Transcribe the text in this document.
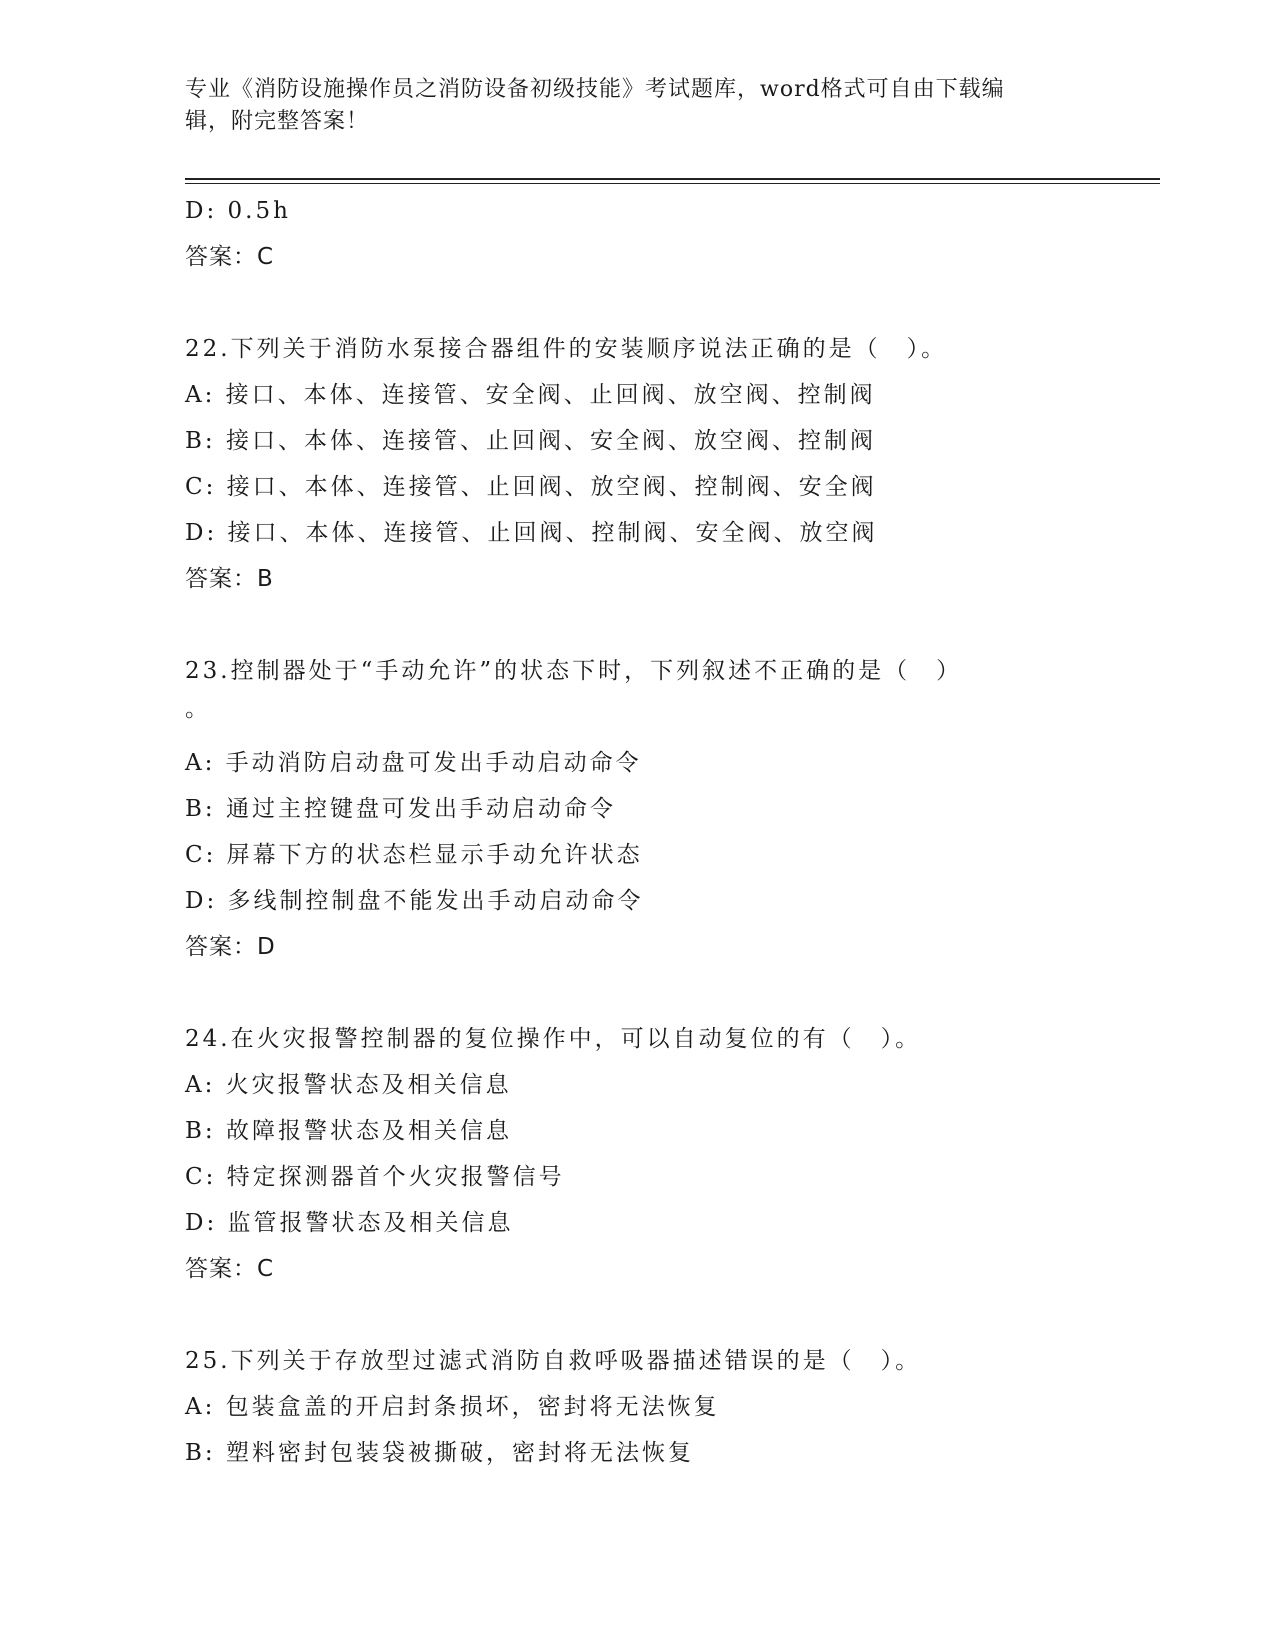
专业《消防设施操作员之消防设备初级技能》考试题库，word格式可自由下载编
辑，附完整答案！
D: 0.5h
答案：C
22.下列关于消防水泵接合器组件的安装顺序说法正确的是（　）。
A: 接口、本体、连接管、安全阀、止回阀、放空阀、控制阀
B: 接口、本体、连接管、止回阀、安全阀、放空阀、控制阀
C: 接口、本体、连接管、止回阀、放空阀、控制阀、安全阀
D: 接口、本体、连接管、止回阀、控制阀、安全阀、放空阀
答案：B
23.控制器处于“手动允许”的状态下时，下列叙述不正确的是（　）
。
A: 手动消防启动盘可发出手动启动命令
B: 通过主控键盘可发出手动启动命令
C: 屏幕下方的状态栏显示手动允许状态
D: 多线制控制盘不能发出手动启动命令
答案：D
24.在火灾报警控制器的复位操作中，可以自动复位的有（　）。
A: 火灾报警状态及相关信息
B: 故障报警状态及相关信息
C: 特定探测器首个火灾报警信号
D: 监管报警状态及相关信息
答案：C
25.下列关于存放型过滤式消防自救呼吸器描述错误的是（　）。
A: 包装盒盖的开启封条损坏，密封将无法恢复
B: 塑料密封包装袋被撕破，密封将无法恢复
